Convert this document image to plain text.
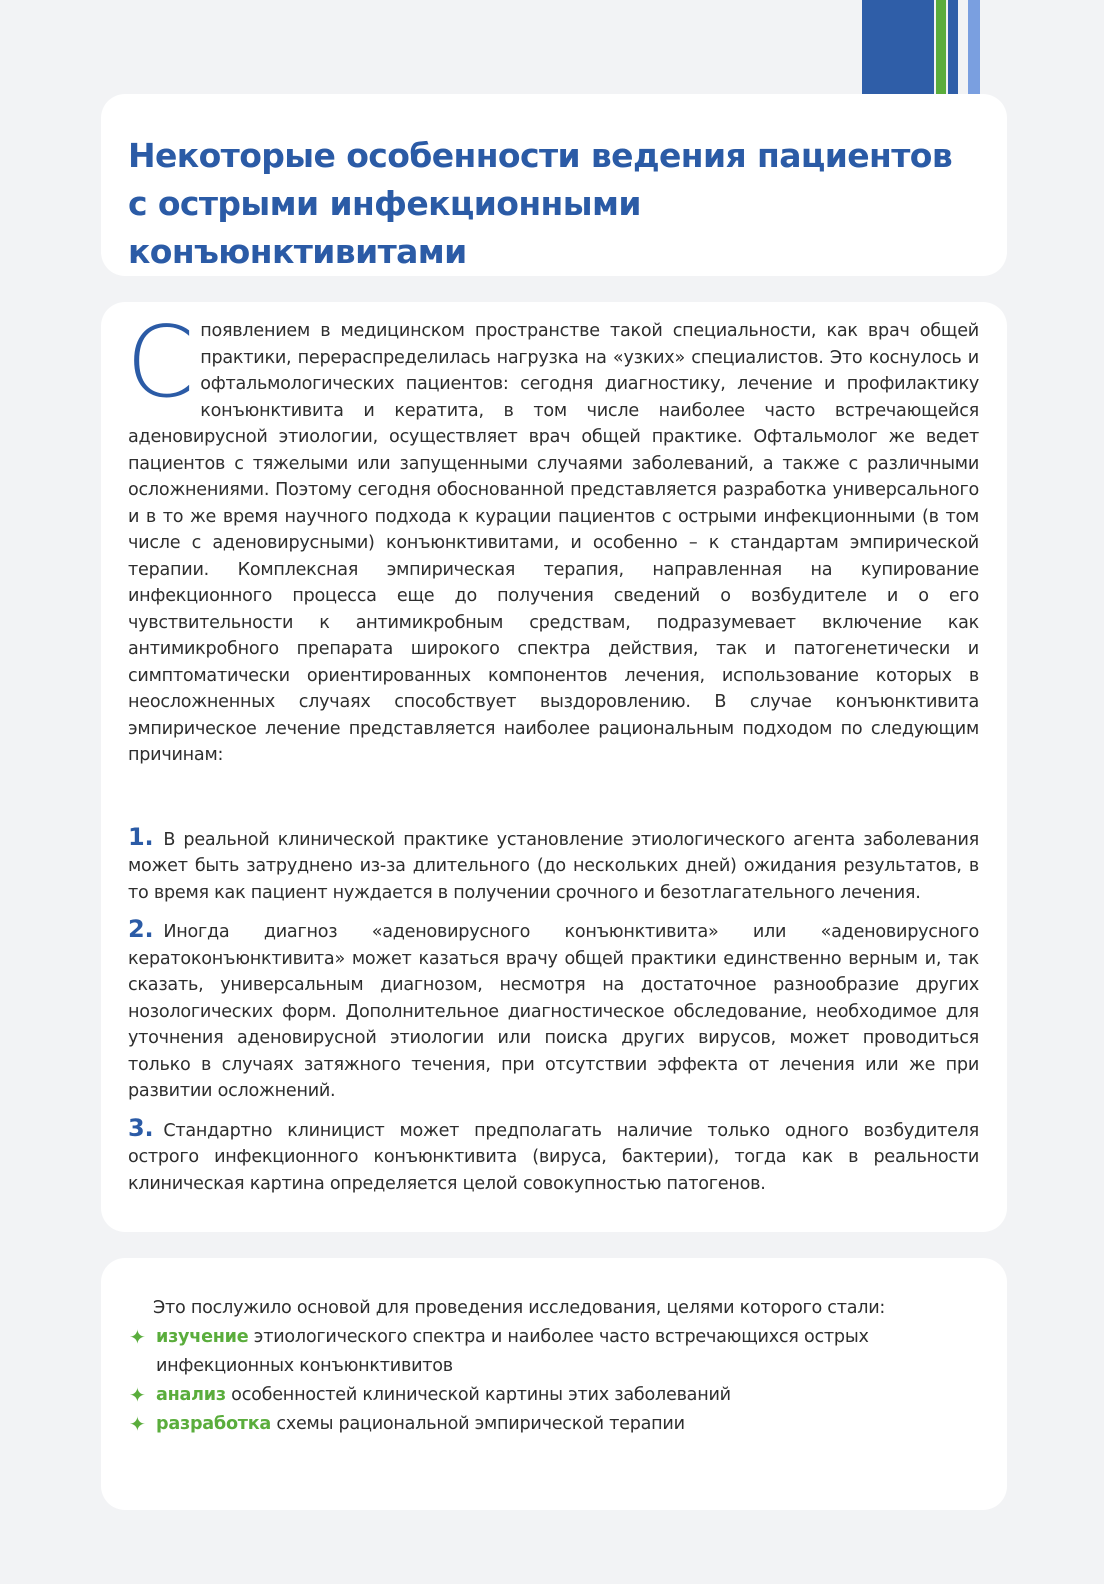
Некоторые особенности ведения пациентов
с острыми инфекционными конъюнктивитами

С появлением в медицинском пространстве такой специальности, как врач общей практики, перераспределилась нагрузка на «узких» специалистов. Это коснулось и офтальмологических пациентов: сегодня диагностику, лечение и профилактику конъюнктивита и кератита, в том числе наиболее часто встречающейся аденовирусной этиологии, осуществляет врач общей практике. Офтальмолог же ведет пациентов с тяжелыми или запущенными случаями заболеваний, а также с различными осложнениями. Поэтому сегодня обоснованной представляется разработка универсального и в то же время научного подхода к курации пациентов с острыми инфекционными (в том числе с аденовирусными) конъюнктивитами, и особенно – к стандартам эмпирической терапии. Комплексная эмпирическая терапия, направленная на купирование инфекционного процесса еще до получения сведений о возбудителе и о его чувствительности к антимикробным средствам, подразумевает включение как антимикробного препарата широкого спектра действия, так и патогенетически и симптоматически ориентированных компонентов лечения, использование которых в неосложненных случаях способствует выздоровлению. В случае конъюнктивита эмпирическое лечение представляется наиболее рациональным подходом по следующим причинам:

1. В реальной клинической практике установление этиологического агента заболевания может быть затруднено из-за длительного (до нескольких дней) ожидания результатов, в то время как пациент нуждается в получении срочного и безотлагательного лечения.

2. Иногда диагноз «аденовирусного конъюнктивита» или «аденовирусного кератоконъюнктивита» может казаться врачу общей практики единственно верным и, так сказать, универсальным диагнозом, несмотря на достаточное разнообразие других нозологических форм. Дополнительное диагностическое обследование, необходимое для уточнения аденовирусной этиологии или поиска других вирусов, может проводиться только в случаях затяжного течения, при отсутствии эффекта от лечения или же при развитии осложнений.

3. Стандартно клиницист может предполагать наличие только одного возбудителя острого инфекционного конъюнктивита (вируса, бактерии), тогда как в реальности клиническая картина определяется целой совокупностью патогенов.

Это послужило основой для проведения исследования, целями которого стали:

✦ изучение этиологического спектра и наиболее часто встречающихся острых инфекционных конъюнктивитов
✦ анализ особенностей клинической картины этих заболеваний
✦ разработка схемы рациональной эмпирической терапии
